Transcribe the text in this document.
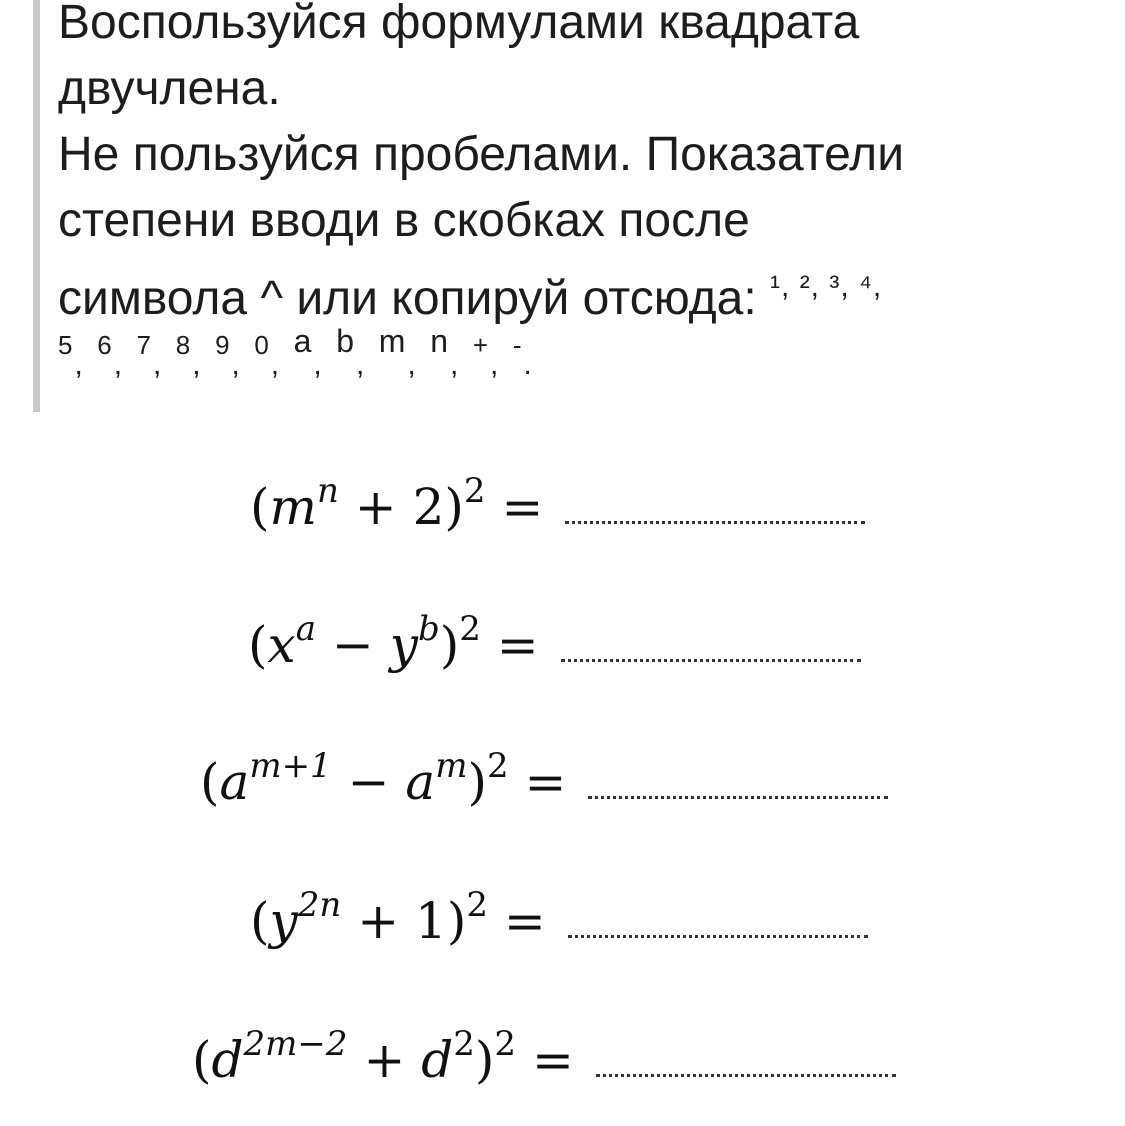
Воспользуйся формулами квадрата
двучлена.
Не пользуйся пробелами. Показатели
степени вводи в скобках после
символа ^ или копируй отсюда: $^{^1, ^2, ^3, ^4,}$
5, 6, 7, 8, 9, 0, a, b, m, n, +, -.
$(m^n + 2)^2$ =
$(x^a - y^b)^2$ =
$(a^{m+1} - a^m)^2$ =
$(y^{2n} + 1)^2$ =
$(d^{2m-2} + d^2)^2$ =
